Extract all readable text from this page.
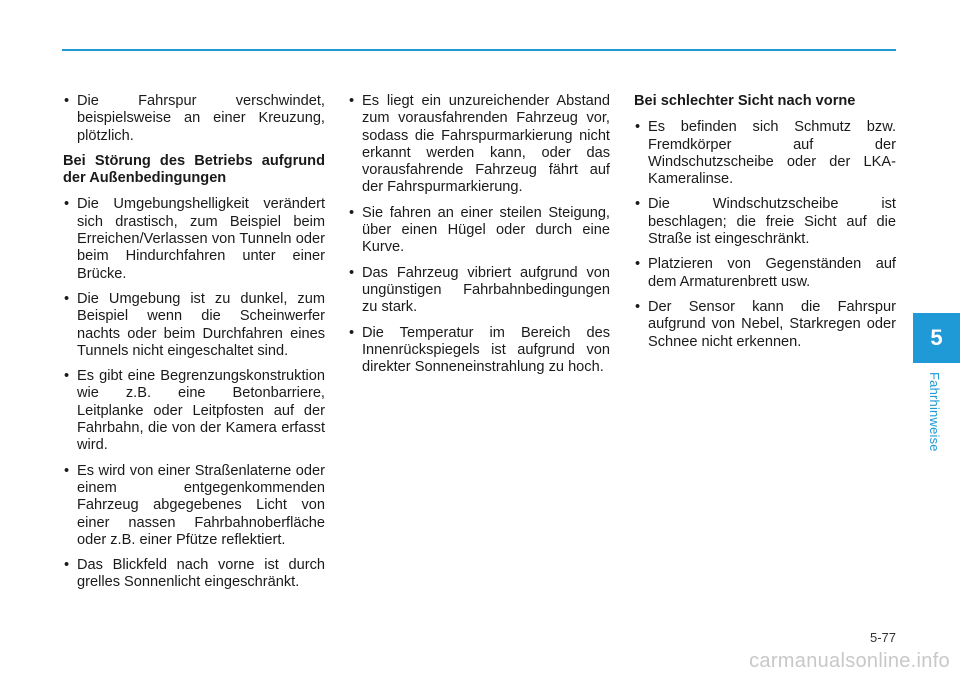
• Die Fahrspur verschwindet, beispielsweise an einer Kreuzung, plötzlich.
Bei Störung des Betriebs aufgrund der Außenbedingungen
• Die Umgebungshelligkeit verändert sich drastisch, zum Beispiel beim Erreichen/Verlassen von Tunneln oder beim Hindurchfahren unter einer Brücke.
• Die Umgebung ist zu dunkel, zum Beispiel wenn die Scheinwerfer nachts oder beim Durchfahren eines Tunnels nicht eingeschaltet sind.
• Es gibt eine Begrenzungskonstruktion wie z.B. eine Betonbarriere, Leitplanke oder Leitpfosten auf der Fahrbahn, die von der Kamera erfasst wird.
• Es wird von einer Straßenlaterne oder einem entgegenkommenden Fahrzeug abgegebenes Licht von einer nassen Fahrbahnoberfläche oder z.B. einer Pfütze reflektiert.
• Das Blickfeld nach vorne ist durch grelles Sonnenlicht eingeschränkt.
• Es liegt ein unzureichender Abstand zum vorausfahrenden Fahrzeug vor, sodass die Fahrspurmarkierung nicht erkannt werden kann, oder das vorausfahrende Fahrzeug fährt auf der Fahrspurmarkierung.
• Sie fahren an einer steilen Steigung, über einen Hügel oder durch eine Kurve.
• Das Fahrzeug vibriert aufgrund von ungünstigen Fahrbahnbedingungen zu stark.
• Die Temperatur im Bereich des Innenrückspiegels ist aufgrund von direkter Sonneneinstrahlung zu hoch.
Bei schlechter Sicht nach vorne
• Es befinden sich Schmutz bzw. Fremdkörper auf der Windschutzscheibe oder der LKA-Kameralinse.
• Die Windschutzscheibe ist beschlagen; die freie Sicht auf die Straße ist eingeschränkt.
• Platzieren von Gegenständen auf dem Armaturenbrett usw.
• Der Sensor kann die Fahrspur aufgrund von Nebel, Starkregen oder Schnee nicht erkennen.	5
Fahrhinweise
5-77
carmanualsonline.info
